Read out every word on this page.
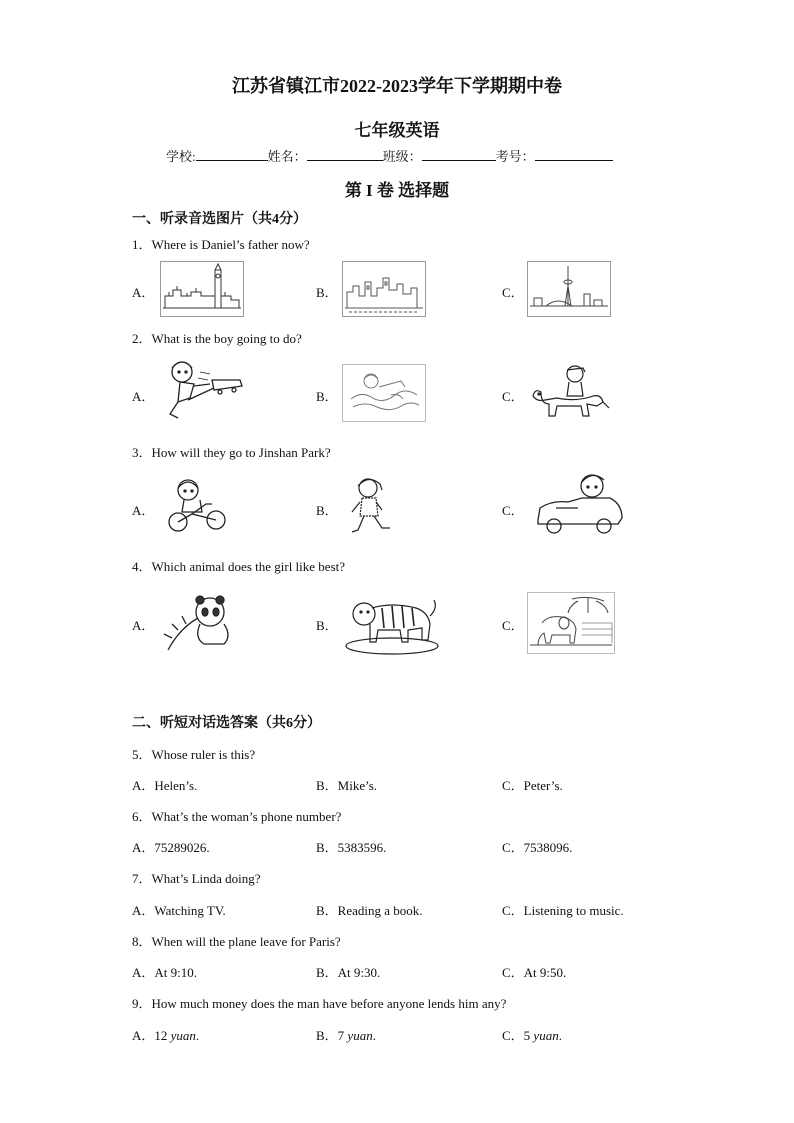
江苏省镇江市2022-2023学年下学期期中卷
七年级英语
学校:	姓名：	班级：	考号：
第 I 卷 选择题
一、听录音选图片（共4分）
1．Where is Daniel’s father now?
A．	B．	C．
2．What is the boy going to do?
A．	B．	C．
3．How will they go to Jinshan Park?
A．	B．	C．
4．Which animal does the girl like best?
A．	B．	C．
二、听短对话选答案（共6分）
5．Whose ruler is this?
A．Helen’s.	B．Mike’s.	C．Peter’s.
6．What’s the woman’s phone number?
A．75289026.	B．5383596.	C．7538096.
7．What’s Linda doing?
A．Watching TV.	B．Reading a book.	C．Listening to music.
8．When will the plane leave for Paris?
A．At 9:10.	B．At 9:30.	C．At 9:50.
9．How much money does the man have before anyone lends him any?
A．12 yuan.	B．7 yuan.	C．5 yuan.
